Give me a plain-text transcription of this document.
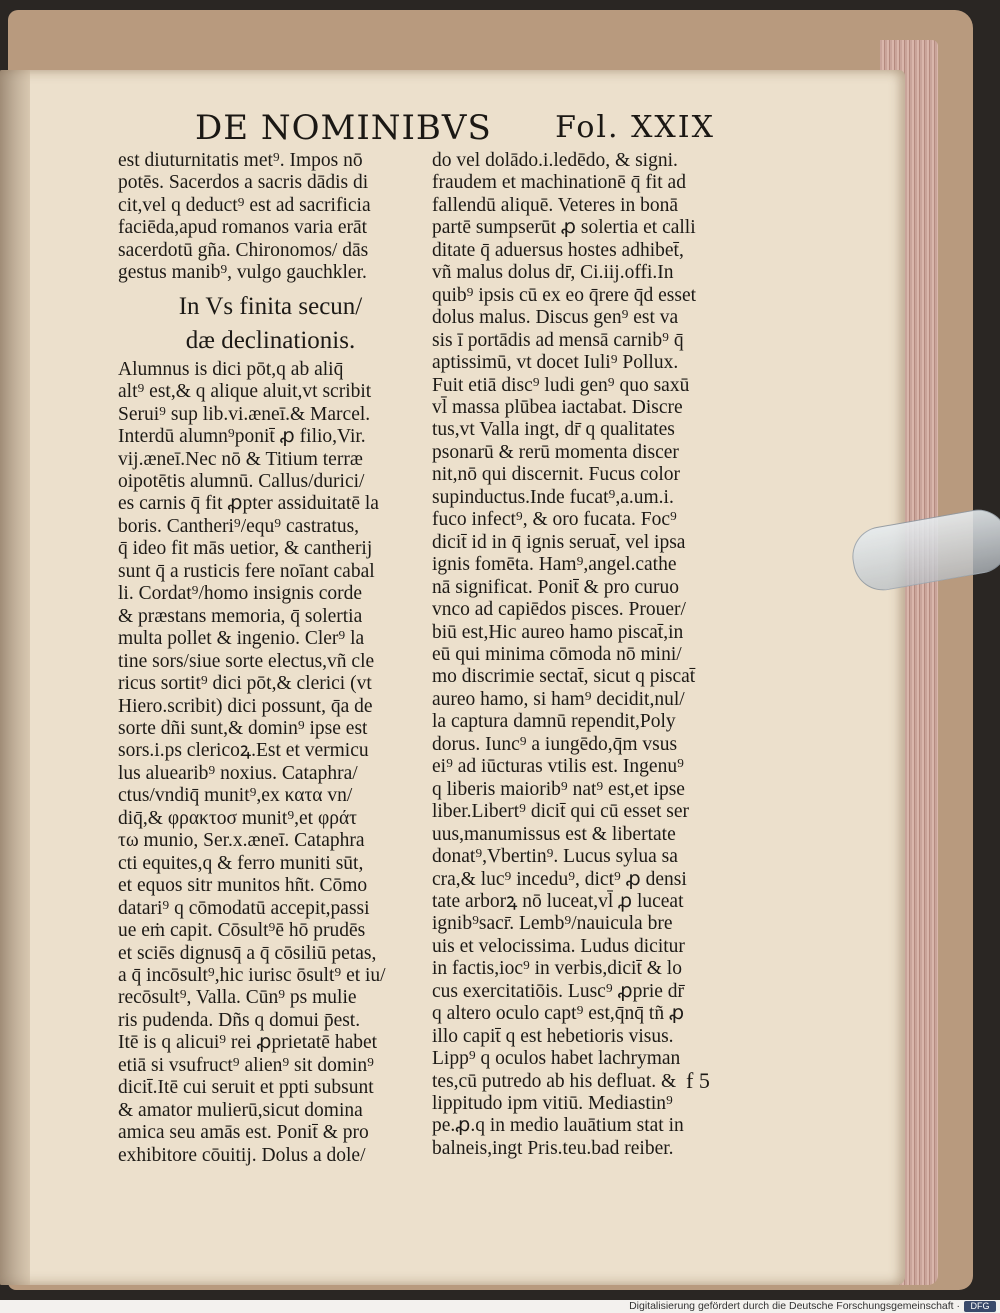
DE NOMINIBVS Fol. XXIX
est diuturnitatis met⁹. Impos nō
potēs. Sacerdos a sacris dādis di
cit,vel q deduct⁹ est ad sacrificia
faciēda,apud romanos varia erāt
sacerdotū gña. Chironomos/ dās
gestus manib⁹, vulgo gauchkler.
In Vs finita secun/
dæ declinationis.
Alumnus is dici pōt,q ab aliq̄
alt⁹ est,& q alique aluit,vt scribit
Serui⁹ sup lib.vi.æneī.& Marcel.
Interdū alumn⁹ponit̄ ꝓ filio,Vir.
vij.æneī.Nec nō & Titium terræ
oipotētis alumnū. Callus/durici/
es carnis q̄ fit ꝓpter assiduitatē la
boris. Cantheri⁹/equ⁹ castratus,
q̄ ideo fit mās uetior, & cantherij
sunt q̄ a rusticis fere noīant cabal
li. Cordat⁹/homo insignis corde
& præstans memoria, q̄ solertia
multa pollet & ingenio. Cler⁹ la
tine sors/siue sorte electus,vñ cle
ricus sortit⁹ dici pōt,& clerici (vt
Hiero.scribit) dici possunt, q̄a de
sorte dñi sunt,& domin⁹ ipse est
sors.i.ps clericoꝝ.Est et vermicu
lus aluearib⁹ noxius. Cataphra/
ctus/vndiq̄ munit⁹,ex κατα vn/
diq̄,& φρακτοσ munit⁹,et φράτ
τω munio, Ser.x.æneī. Cataphra
cti equites,q & ferro muniti sūt,
et equos sitr munitos hñt. Cōmo
datari⁹ q cōmodatū accepit,passi
ue eṁ capit. Cōsult⁹ē hō prudēs
et sciēs dignusq̄ a q̄ cōsiliū petas,
a q̄ incōsult⁹,hic iurisc ōsult⁹ et iu/
recōsult⁹, Valla. Cūn⁹ ps mulie
ris pudenda. Dñs q domui p̄est.
Itē is q alicui⁹ rei ꝓprietatē habet
etiā si vsufruct⁹ alien⁹ sit domin⁹
dicit̄.Itē cui seruit et ppti subsunt
& amator mulierū,sicut domina
amica seu amās est. Ponit̄ & pro
exhibitore cōuitij. Dolus a dole/
do vel dolādo.i.ledēdo, & signi.
fraudem et machinationē q̄ fit ad
fallendū aliquē. Veteres in bonā
partē sumpserūt ꝓ solertia et calli
ditate q̄ aduersus hostes adhibet̄,
vñ malus dolus dr̄, Ci.iij.offi.In
quib⁹ ipsis cū ex eo q̄rere q̄d esset
dolus malus. Discus gen⁹ est va
sis ī portādis ad mensā carnib⁹ q̄
aptissimū, vt docet Iuli⁹ Pollux.
Fuit etiā disc⁹ ludi gen⁹ quo saxū
vl̄ massa plūbea iactabat. Discre
tus,vt Valla ingt, dr̄ q qualitates
psonarū & rerū momenta discer
nit,nō qui discernit. Fucus color
supinductus.Inde fucat⁹,a.um.i.
fuco infect⁹, & oro fucata. Foc⁹
dicit̄ id in q̄ ignis seruat̄, vel ipsa
ignis fomēta. Ham⁹,angel.cathe
nā significat. Ponit̄ & pro curuo
vnco ad capiēdos pisces. Prouer/
biū est,Hic aureo hamo piscat̄,in
eū qui minima cōmoda nō mini/
mo discrimie sectat̄, sicut q piscat̄
aureo hamo, si ham⁹ decidit,nul/
la captura damnū rependit,Poly
dorus. Iunc⁹ a iungēdo,q̄m vsus
ei⁹ ad iūcturas vtilis est. Ingenu⁹
q liberis maiorib⁹ nat⁹ est,et ipse
liber.Libert⁹ dicit̄ qui cū esset ser
uus,manumissus est & libertate
donat⁹,Vbertin⁹. Lucus sylua sa
cra,& luc⁹ incedu⁹, dict⁹ ꝓ densi
tate arborꝝ nō luceat,vl̄ ꝓ luceat
ignib⁹sacr̄. Lemb⁹/nauicula bre
uis et velocissima. Ludus dicitur
in factis,ioc⁹ in verbis,dicit̄ & lo
cus exercitatiōis. Lusc⁹ ꝓprie dr̄
q altero oculo capt⁹ est,q̄nq̄ tñ ꝓ
illo capit̄ q est hebetioris visus.
Lipp⁹ q oculos habet lachryman
tes,cū putredo ab his defluat. &
lippitudo ipm vitiū. Mediastin⁹
pe.ꝓ.q in medio lauātium stat in
balneis,ingt Pris.teu.bad reiber.
f 5
Digitalisierung gefördert durch die Deutsche Forschungsgemeinschaft ·	DFG
